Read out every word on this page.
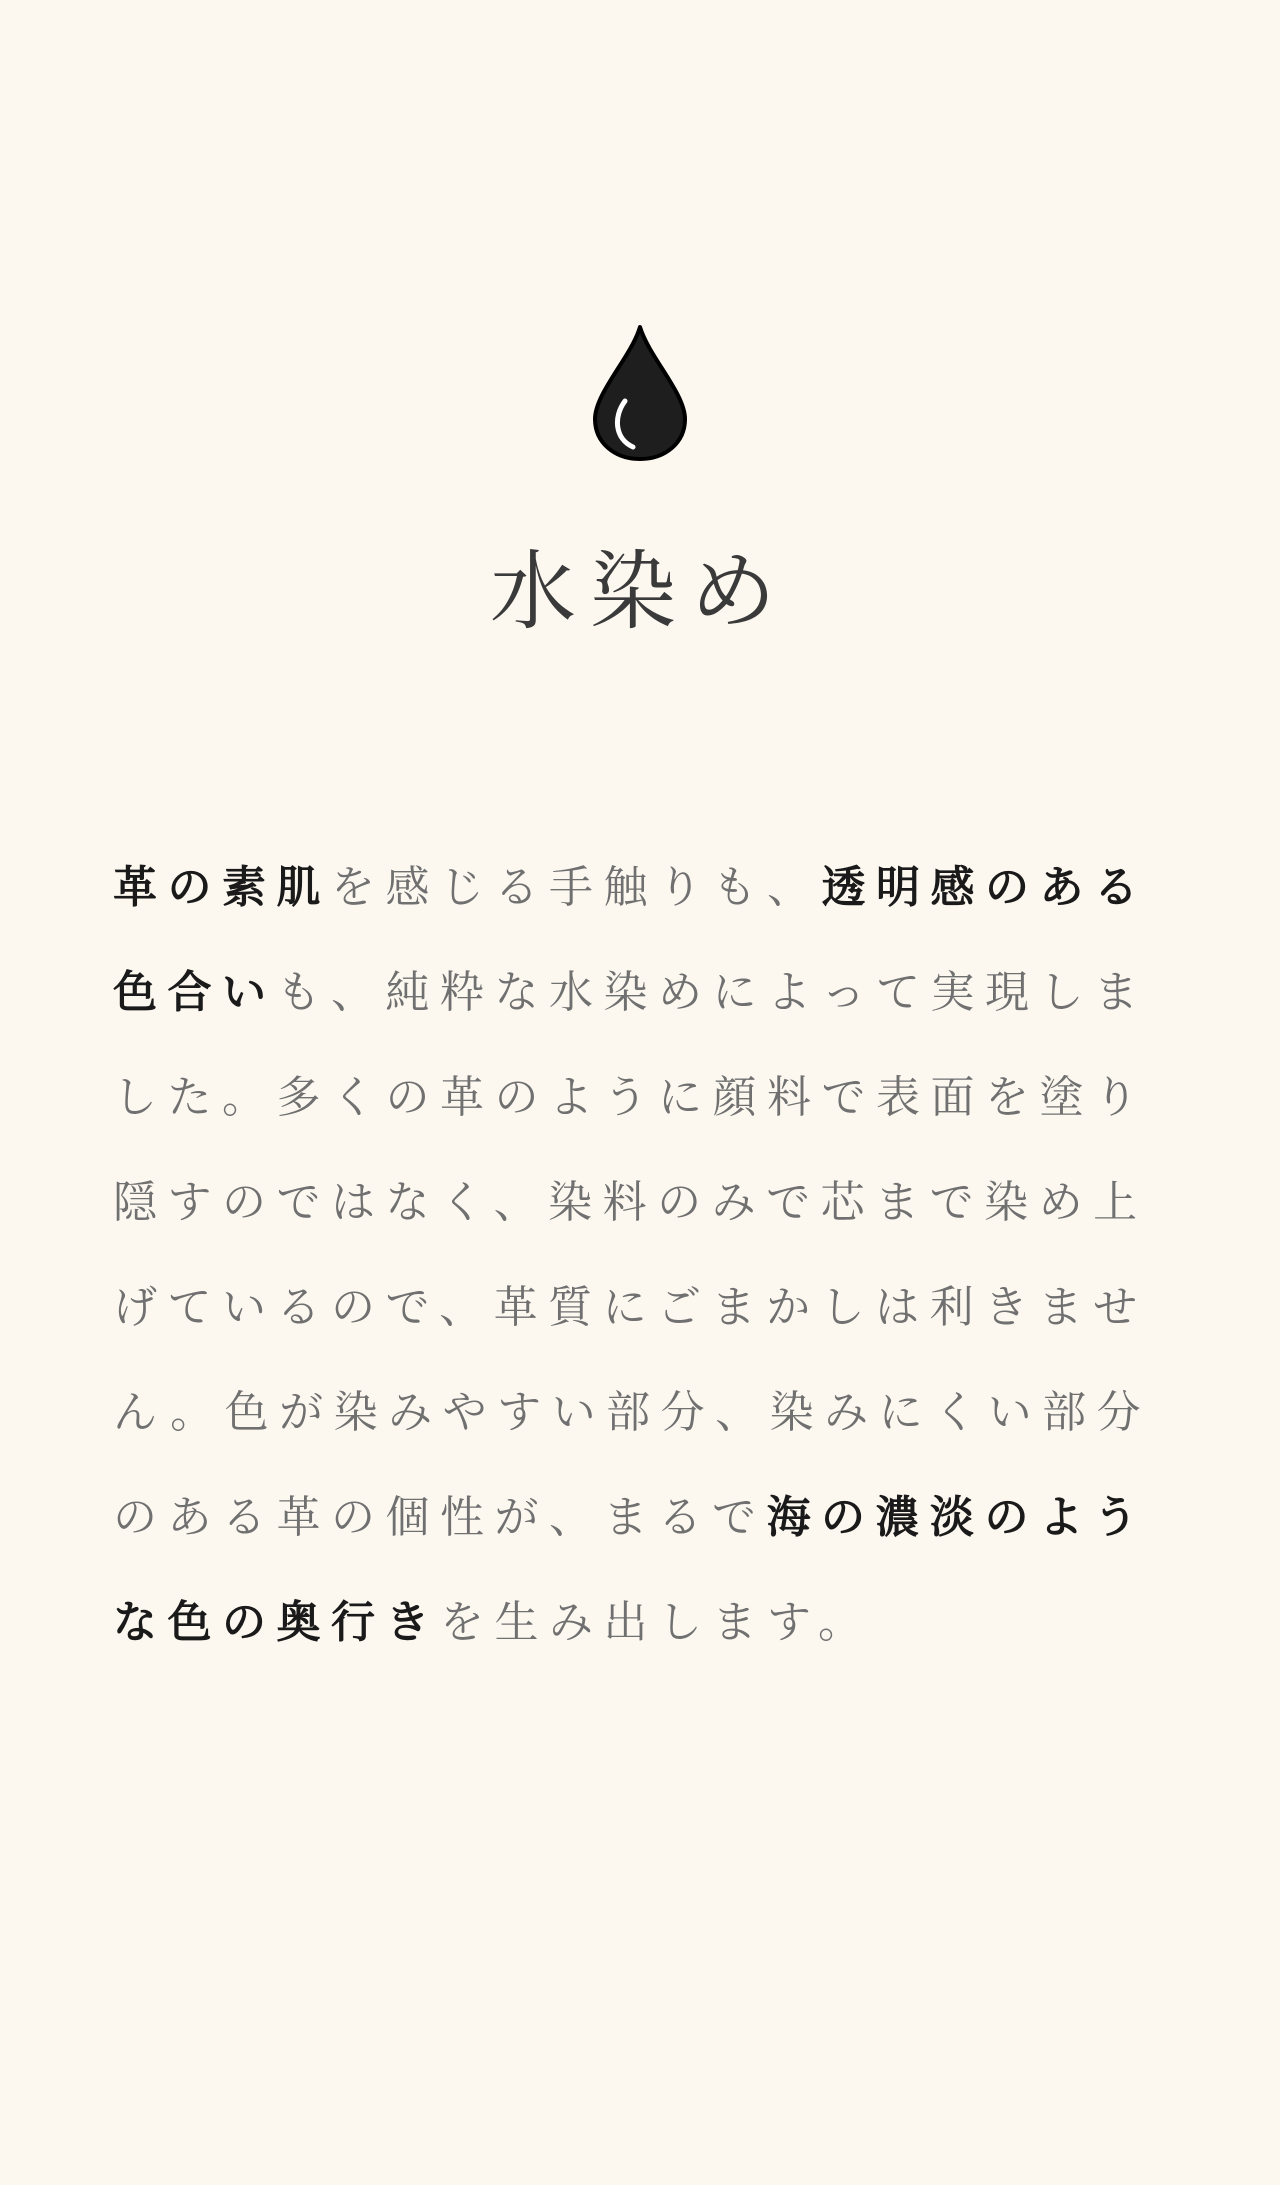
水染め

革の素肌を感じる手触りも、透明感のある色合いも、純粋な水染めによって実現しました。多くの革のように顔料で表面を塗り隠すのではなく、染料のみで芯まで染め上げているので、革質にごまかしは利きません。色が染みやすい部分、染みにくい部分のある革の個性が、まるで海の濃淡のような色の奥行きを生み出します。
